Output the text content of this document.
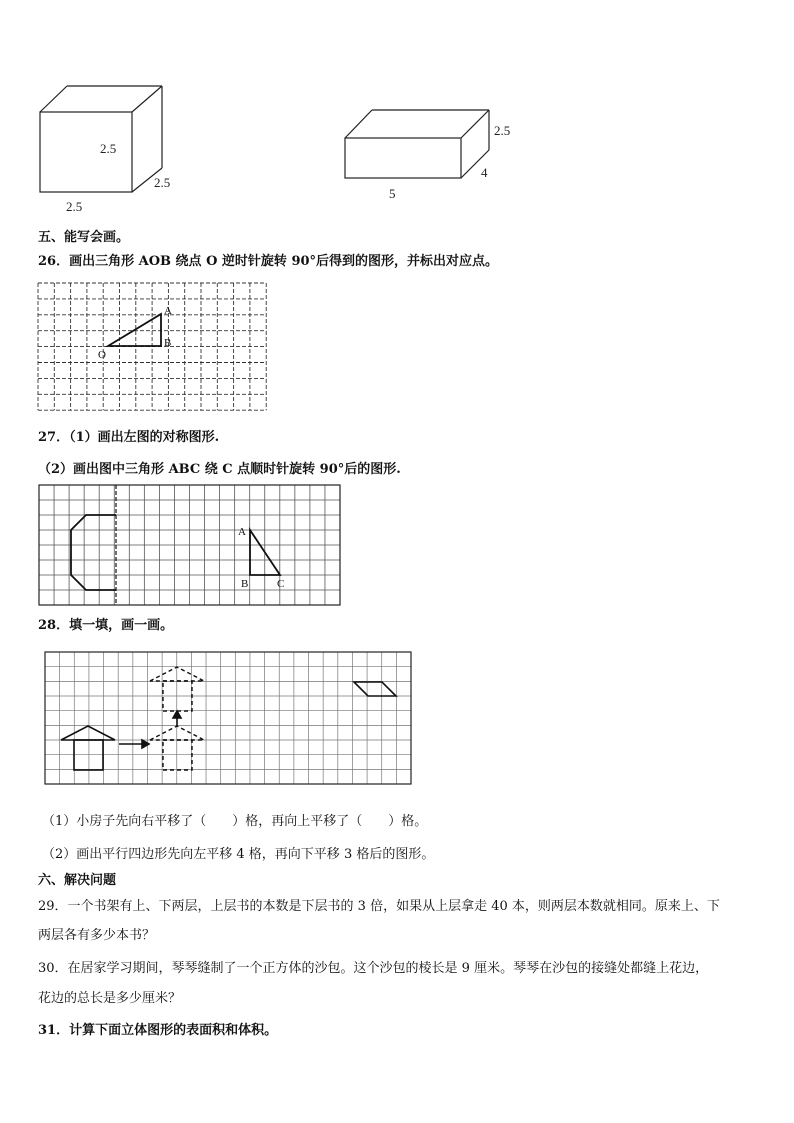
2.5
2.5
2.5
2.5
4
5
五、能写会画。
26．画出三角形 AOB 绕点 O 逆时针旋转 90°后得到的图形，并标出对应点。
A
B
O
27．（1）画出左图的对称图形.
（2）画出图中三角形 ABC 绕 C 点顺时针旋转 90°后的图形.
A
B	C
28．填一填，画一画。
（1）小房子先向右平移了（　　）格，再向上平移了（　　）格。
（2）画出平行四边形先向左平移 4 格，再向下平移 3 格后的图形。
六、解决问题
29．一个书架有上、下两层，上层书的本数是下层书的 3 倍，如果从上层拿走 40 本，则两层本数就相同。原来上、下
两层各有多少本书？
30．在居家学习期间，琴琴缝制了一个正方体的沙包。这个沙包的棱长是 9 厘米。琴琴在沙包的接缝处都缝上花边，
花边的总长是多少厘米？
31．计算下面立体图形的表面积和体积。
